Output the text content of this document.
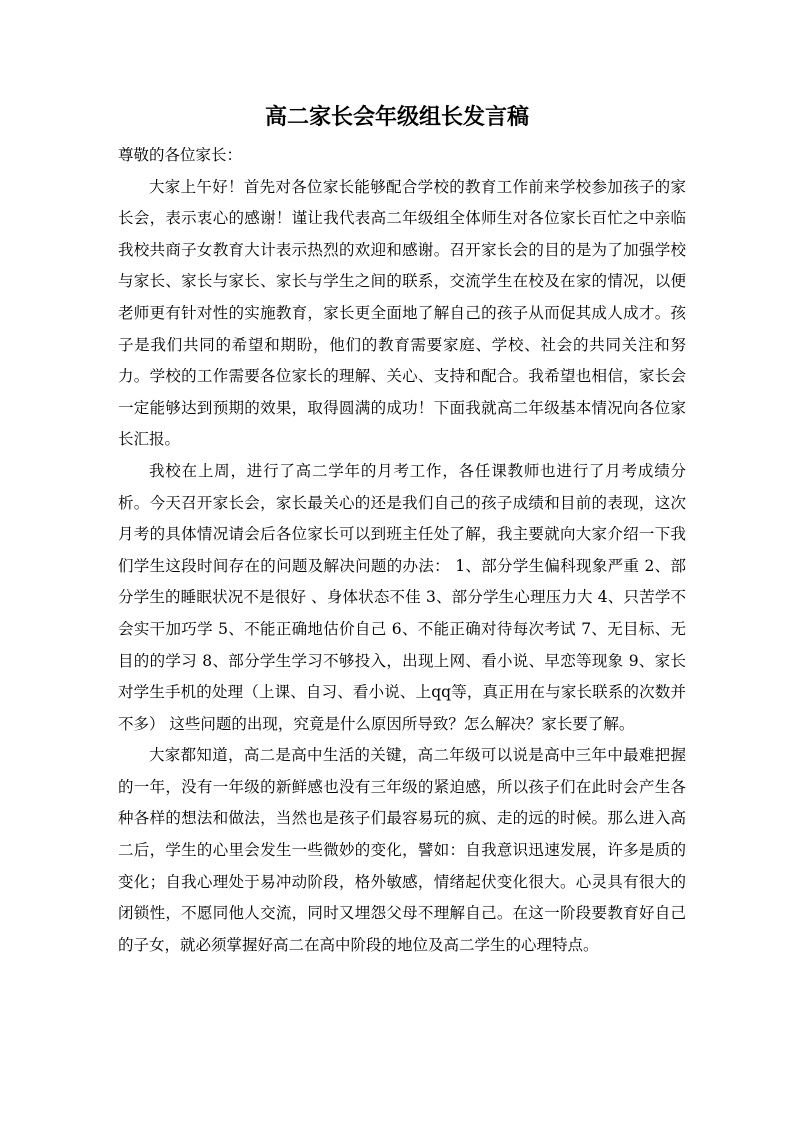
高二家长会年级组长发言稿

尊敬的各位家长：

大家上午好！首先对各位家长能够配合学校的教育工作前来学校参加孩子的家长会，表示衷心的感谢！谨让我代表高二年级组全体师生对各位家长百忙之中亲临我校共商子女教育大计表示热烈的欢迎和感谢。召开家长会的目的是为了加强学校与家长、家长与家长、家长与学生之间的联系，交流学生在校及在家的情况，以便老师更有针对性的实施教育，家长更全面地了解自己的孩子从而促其成人成才。孩子是我们共同的希望和期盼，他们的教育需要家庭、学校、社会的共同关注和努力。学校的工作需要各位家长的理解、关心、支持和配合。我希望也相信，家长会一定能够达到预期的效果，取得圆满的成功！下面我就高二年级基本情况向各位家长汇报。

我校在上周，进行了高二学年的月考工作，各任课教师也进行了月考成绩分析。今天召开家长会，家长最关心的还是我们自己的孩子成绩和目前的表现，这次月考的具体情况请会后各位家长可以到班主任处了解，我主要就向大家介绍一下我们学生这段时间存在的问题及解决问题的办法： 1、部分学生偏科现象严重 2、部分学生的睡眠状况不是很好 、身体状态不佳 3、部分学生心理压力大 4、只苦学不会实干加巧学 5、不能正确地估价自己 6、不能正确对待每次考试 7、无目标、无目的的学习 8、部分学生学习不够投入，出现上网、看小说、早恋等现象 9、家长对学生手机的处理（上课、自习、看小说、上qq等，真正用在与家长联系的次数并不多） 这些问题的出现，究竟是什么原因所导致？怎么解决？家长要了解。

大家都知道，高二是高中生活的关键，高二年级可以说是高中三年中最难把握的一年，没有一年级的新鲜感也没有三年级的紧迫感，所以孩子们在此时会产生各种各样的想法和做法，当然也是孩子们最容易玩的疯、走的远的时候。那么进入高二后，学生的心里会发生一些微妙的变化，譬如：自我意识迅速发展，许多是质的变化；自我心理处于易冲动阶段，格外敏感，情绪起伏变化很大。心灵具有很大的闭锁性，不愿同他人交流，同时又埋怨父母不理解自己。在这一阶段要教育好自己的子女，就必须掌握好高二在高中阶段的地位及高二学生的心理特点。
